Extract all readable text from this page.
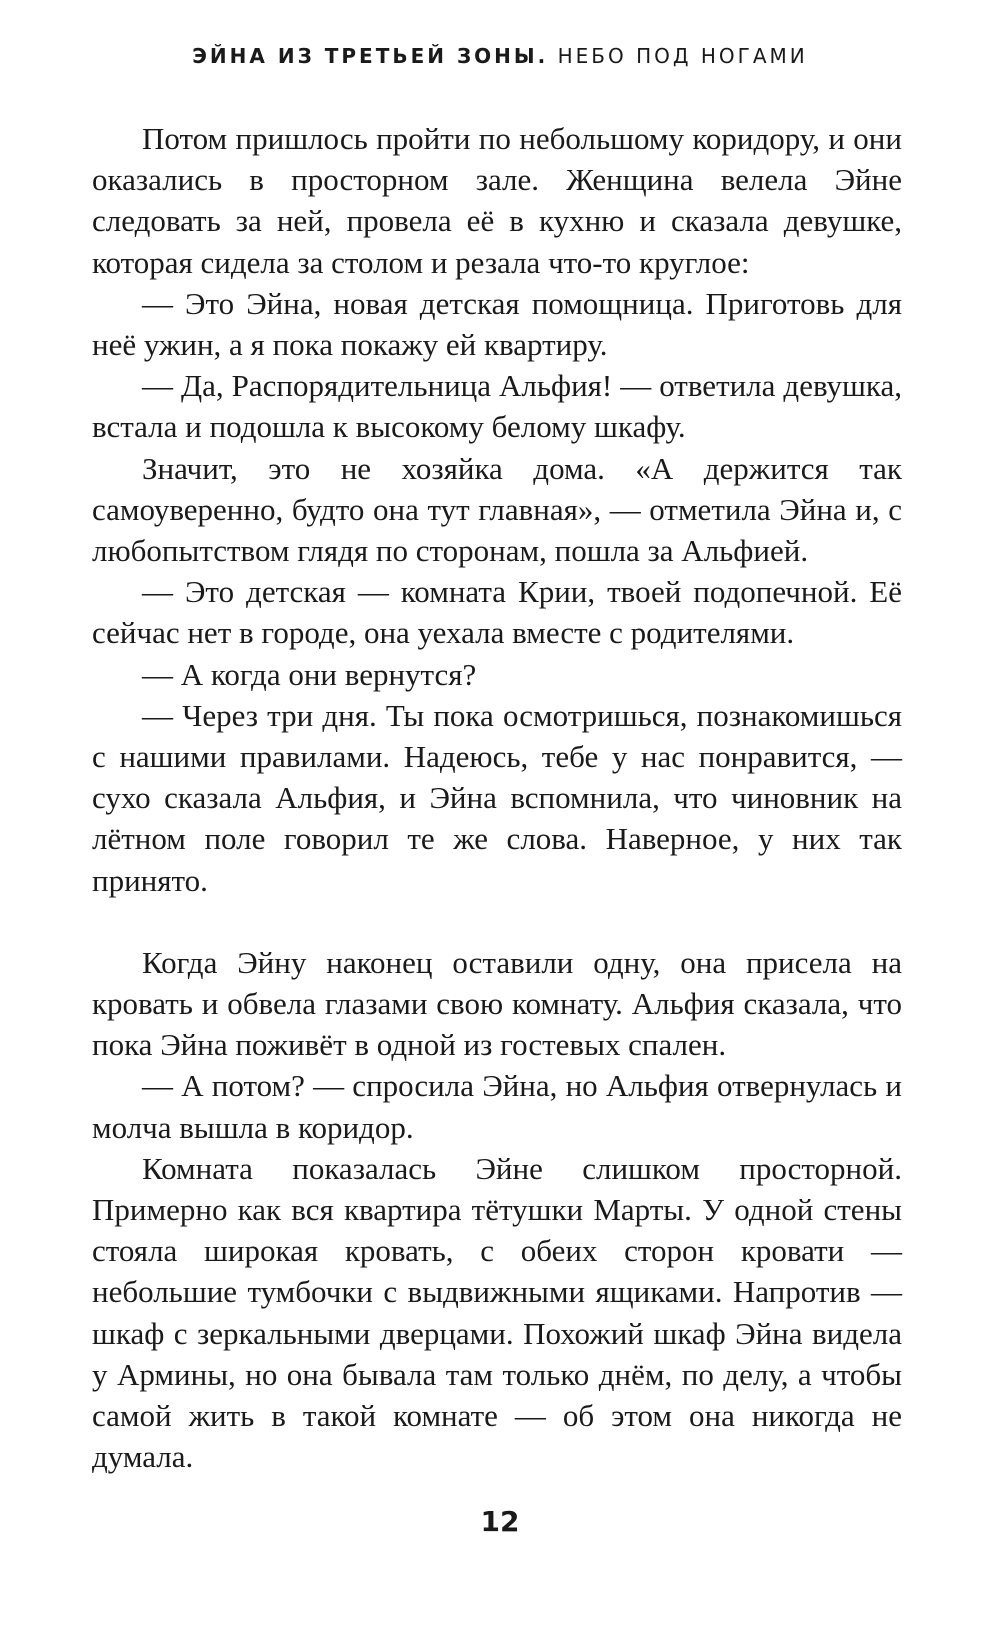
ЭЙНА ИЗ ТРЕТЬЕЙ ЗОНЫ. НЕБО ПОД НОГАМИ

Потом пришлось пройти по небольшому коридору, и они оказались в просторном зале. Женщина велела Эйне следовать за ней, провела её в кухню и сказала девушке, которая сидела за столом и резала что-то круглое:

— Это Эйна, новая детская помощница. Приготовь для неё ужин, а я пока покажу ей квартиру.

— Да, Распорядительница Альфия! — ответила девушка, встала и подошла к высокому белому шкафу.

Значит, это не хозяйка дома. «А держится так самоуверенно, будто она тут главная», — отметила Эйна и, с любопытством глядя по сторонам, пошла за Альфией.

— Это детская — комната Крии, твоей подопечной. Её сейчас нет в городе, она уехала вместе с родителями.

— А когда они вернутся?

— Через три дня. Ты пока осмотришься, познакомишься с нашими правилами. Надеюсь, тебе у нас понравится, — сухо сказала Альфия, и Эйна вспомнила, что чиновник на лётном поле говорил те же слова. Наверное, у них так принято.

Когда Эйну наконец оставили одну, она присела на кровать и обвела глазами свою комнату. Альфия сказала, что пока Эйна поживёт в одной из гостевых спален.

— А потом? — спросила Эйна, но Альфия отвернулась и молча вышла в коридор.

Комната показалась Эйне слишком просторной. Примерно как вся квартира тётушки Марты. У одной стены стояла широкая кровать, с обеих сторон кровати — небольшие тумбочки с выдвижными ящиками. Напротив — шкаф с зеркальными дверцами. Похожий шкаф Эйна видела у Армины, но она бывала там только днём, по делу, а чтобы самой жить в такой комнате — об этом она никогда не думала.

12
